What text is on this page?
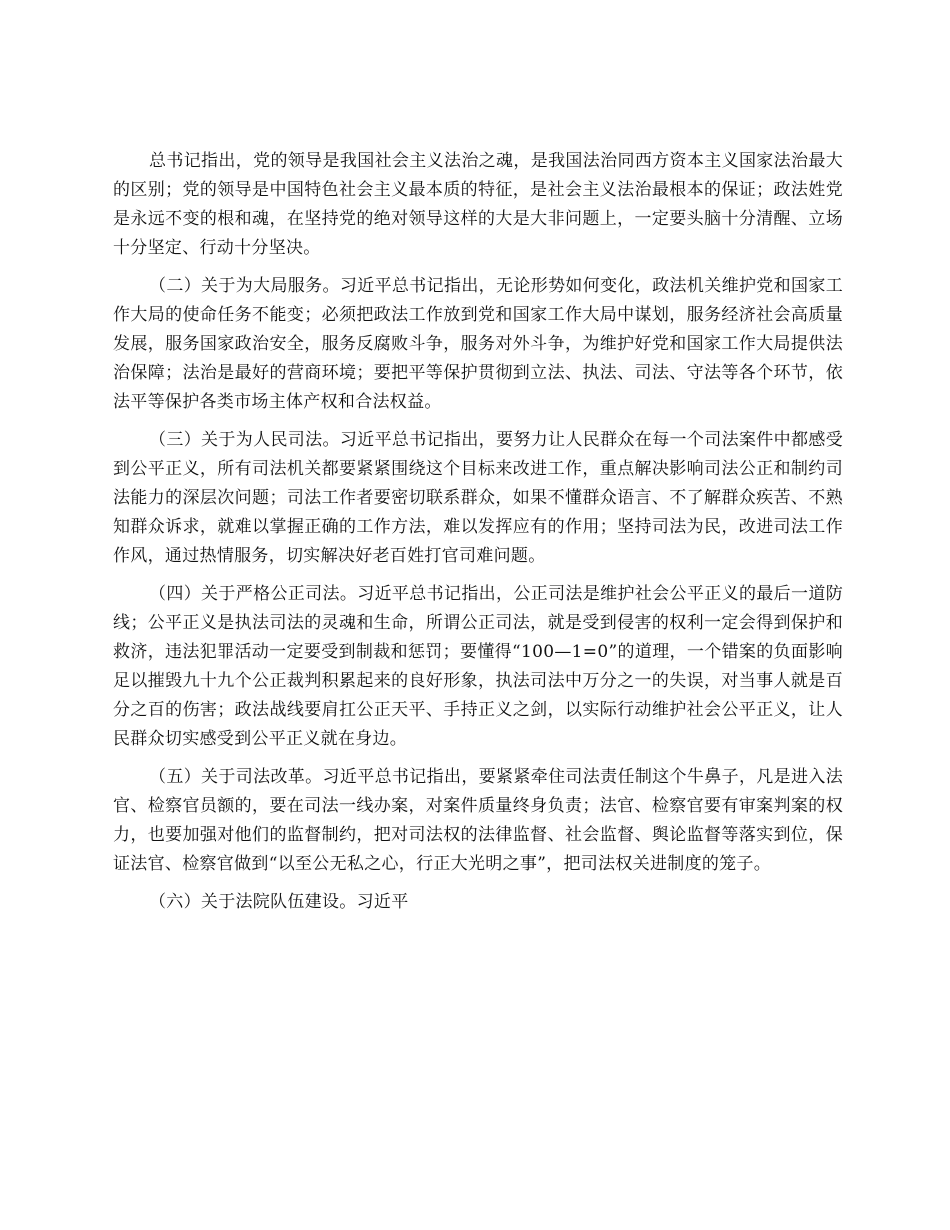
总书记指出，党的领导是我国社会主义法治之魂，是我国法治同西方资本主义国家法治最大的区别；党的领导是中国特色社会主义最本质的特征，是社会主义法治最根本的保证；政法姓党是永远不变的根和魂，在坚持党的绝对领导这样的大是大非问题上，一定要头脑十分清醒、立场十分坚定、行动十分坚决。

（二）关于为大局服务。习近平总书记指出，无论形势如何变化，政法机关维护党和国家工作大局的使命任务不能变；必须把政法工作放到党和国家工作大局中谋划，服务经济社会高质量发展，服务国家政治安全，服务反腐败斗争，服务对外斗争，为维护好党和国家工作大局提供法治保障；法治是最好的营商环境；要把平等保护贯彻到立法、执法、司法、守法等各个环节，依法平等保护各类市场主体产权和合法权益。

（三）关于为人民司法。习近平总书记指出，要努力让人民群众在每一个司法案件中都感受到公平正义，所有司法机关都要紧紧围绕这个目标来改进工作，重点解决影响司法公正和制约司法能力的深层次问题；司法工作者要密切联系群众，如果不懂群众语言、不了解群众疾苦、不熟知群众诉求，就难以掌握正确的工作方法，难以发挥应有的作用；坚持司法为民，改进司法工作作风，通过热情服务，切实解决好老百姓打官司难问题。

（四）关于严格公正司法。习近平总书记指出，公正司法是维护社会公平正义的最后一道防线；公平正义是执法司法的灵魂和生命，所谓公正司法，就是受到侵害的权利一定会得到保护和救济，违法犯罪活动一定要受到制裁和惩罚；要懂得“100—1=0”的道理，一个错案的负面影响足以摧毁九十九个公正裁判积累起来的良好形象，执法司法中万分之一的失误，对当事人就是百分之百的伤害；政法战线要肩扛公正天平、手持正义之剑，以实际行动维护社会公平正义，让人民群众切实感受到公平正义就在身边。

（五）关于司法改革。习近平总书记指出，要紧紧牵住司法责任制这个牛鼻子，凡是进入法官、检察官员额的，要在司法一线办案，对案件质量终身负责；法官、检察官要有审案判案的权力，也要加强对他们的监督制约，把对司法权的法律监督、社会监督、舆论监督等落实到位，保证法官、检察官做到“以至公无私之心，行正大光明之事”，把司法权关进制度的笼子。

（六）关于法院队伍建设。习近平
